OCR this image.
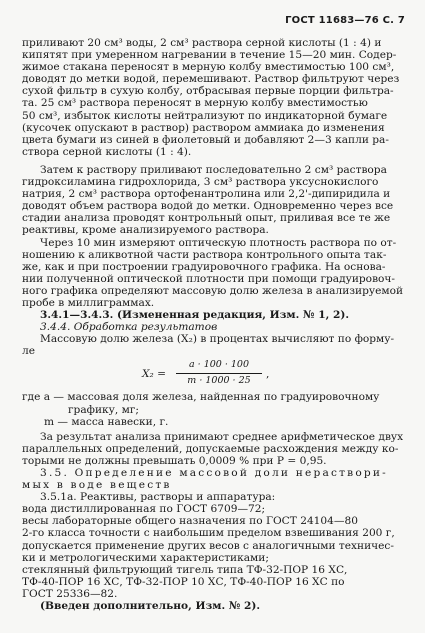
ГОСТ 11683—76 С. 7

приливают 20 см³ воды, 2 см³ раствора серной кислоты (1 : 4) и
кипятят при умеренном нагревании в течение 15—20 мин. Содер-
жимое стакана переносят в мерную колбу вместимостью 100 см³,
доводят до метки водой, перемешивают. Раствор фильтруют через
сухой фильтр в сухую колбу, отбрасывая первые порции фильтра-
та. 25 см³ раствора переносят в мерную колбу вместимостью
50 см³, избыток кислоты нейтрализуют по индикаторной бумаге
(кусочек опускают в раствор) раствором аммиака до изменения
цвета бумаги из синей в фиолетовый и добавляют 2—3 капли ра-
створа серной кислоты (1 : 4).

Затем к раствору приливают последовательно 2 см³ раствора
гидроксиламина гидрохлорида, 3 см³ раствора уксуснокислого
натрия, 2 см³ раствора ортофенантролина или 2,2'-дипиридила и
доводят объем раствора водой до метки. Одновременно через все
стадии анализа проводят контрольный опыт, приливая все те же
реактивы, кроме анализируемого раствора.

Через 10 мин измеряют оптическую плотность раствора по от-
ношению к аликвотной части раствора контрольного опыта так-
же, как и при построении градуировочного графика. На основа-
нии полученной оптической плотности при помощи градуировоч-
ного графика определяют массовую долю железа в анализируемой
пробе в миллиграммах.

3.4.1—3.4.3. (Измененная редакция, Изм. № 1, 2).

3.4.4. Обработка результатов

Массовую долю железа (X₂) в процентах вычисляют по форму-
ле

$X_2 = \frac{a \cdot 100 \cdot 100}{m \cdot 1000 \cdot 25}$ ,

где a — массовая доля железа, найденная по градуировочному
графику, мг;
m — масса навески, г.

За результат анализа принимают среднее арифметическое двух
параллельных определений, допускаемые расхождения между ко-
торыми не должны превышать 0,0009 % при P = 0,95.

3.5. Определение массовой доли нераствори-
мых в воде веществ

3.5.1а. Реактивы, растворы и аппаратура:

вода дистиллированная по ГОСТ 6709—72;

весы лабораторные общего назначения по ГОСТ 24104—80
2-го класса точности с наибольшим пределом взвешивания 200 г,
допускается применение других весов с аналогичными техничес-
ки и метрологическими характеристиками;

стеклянный фильтрующий тигель типа ТФ-32-ПОР 16 ХС,
ТФ-40-ПОР 16 ХС, ТФ-32-ПОР 10 ХС, ТФ-40-ПОР 16 ХС по
ГОСТ 25336—82.

(Введен дополнительно, Изм. № 2).
